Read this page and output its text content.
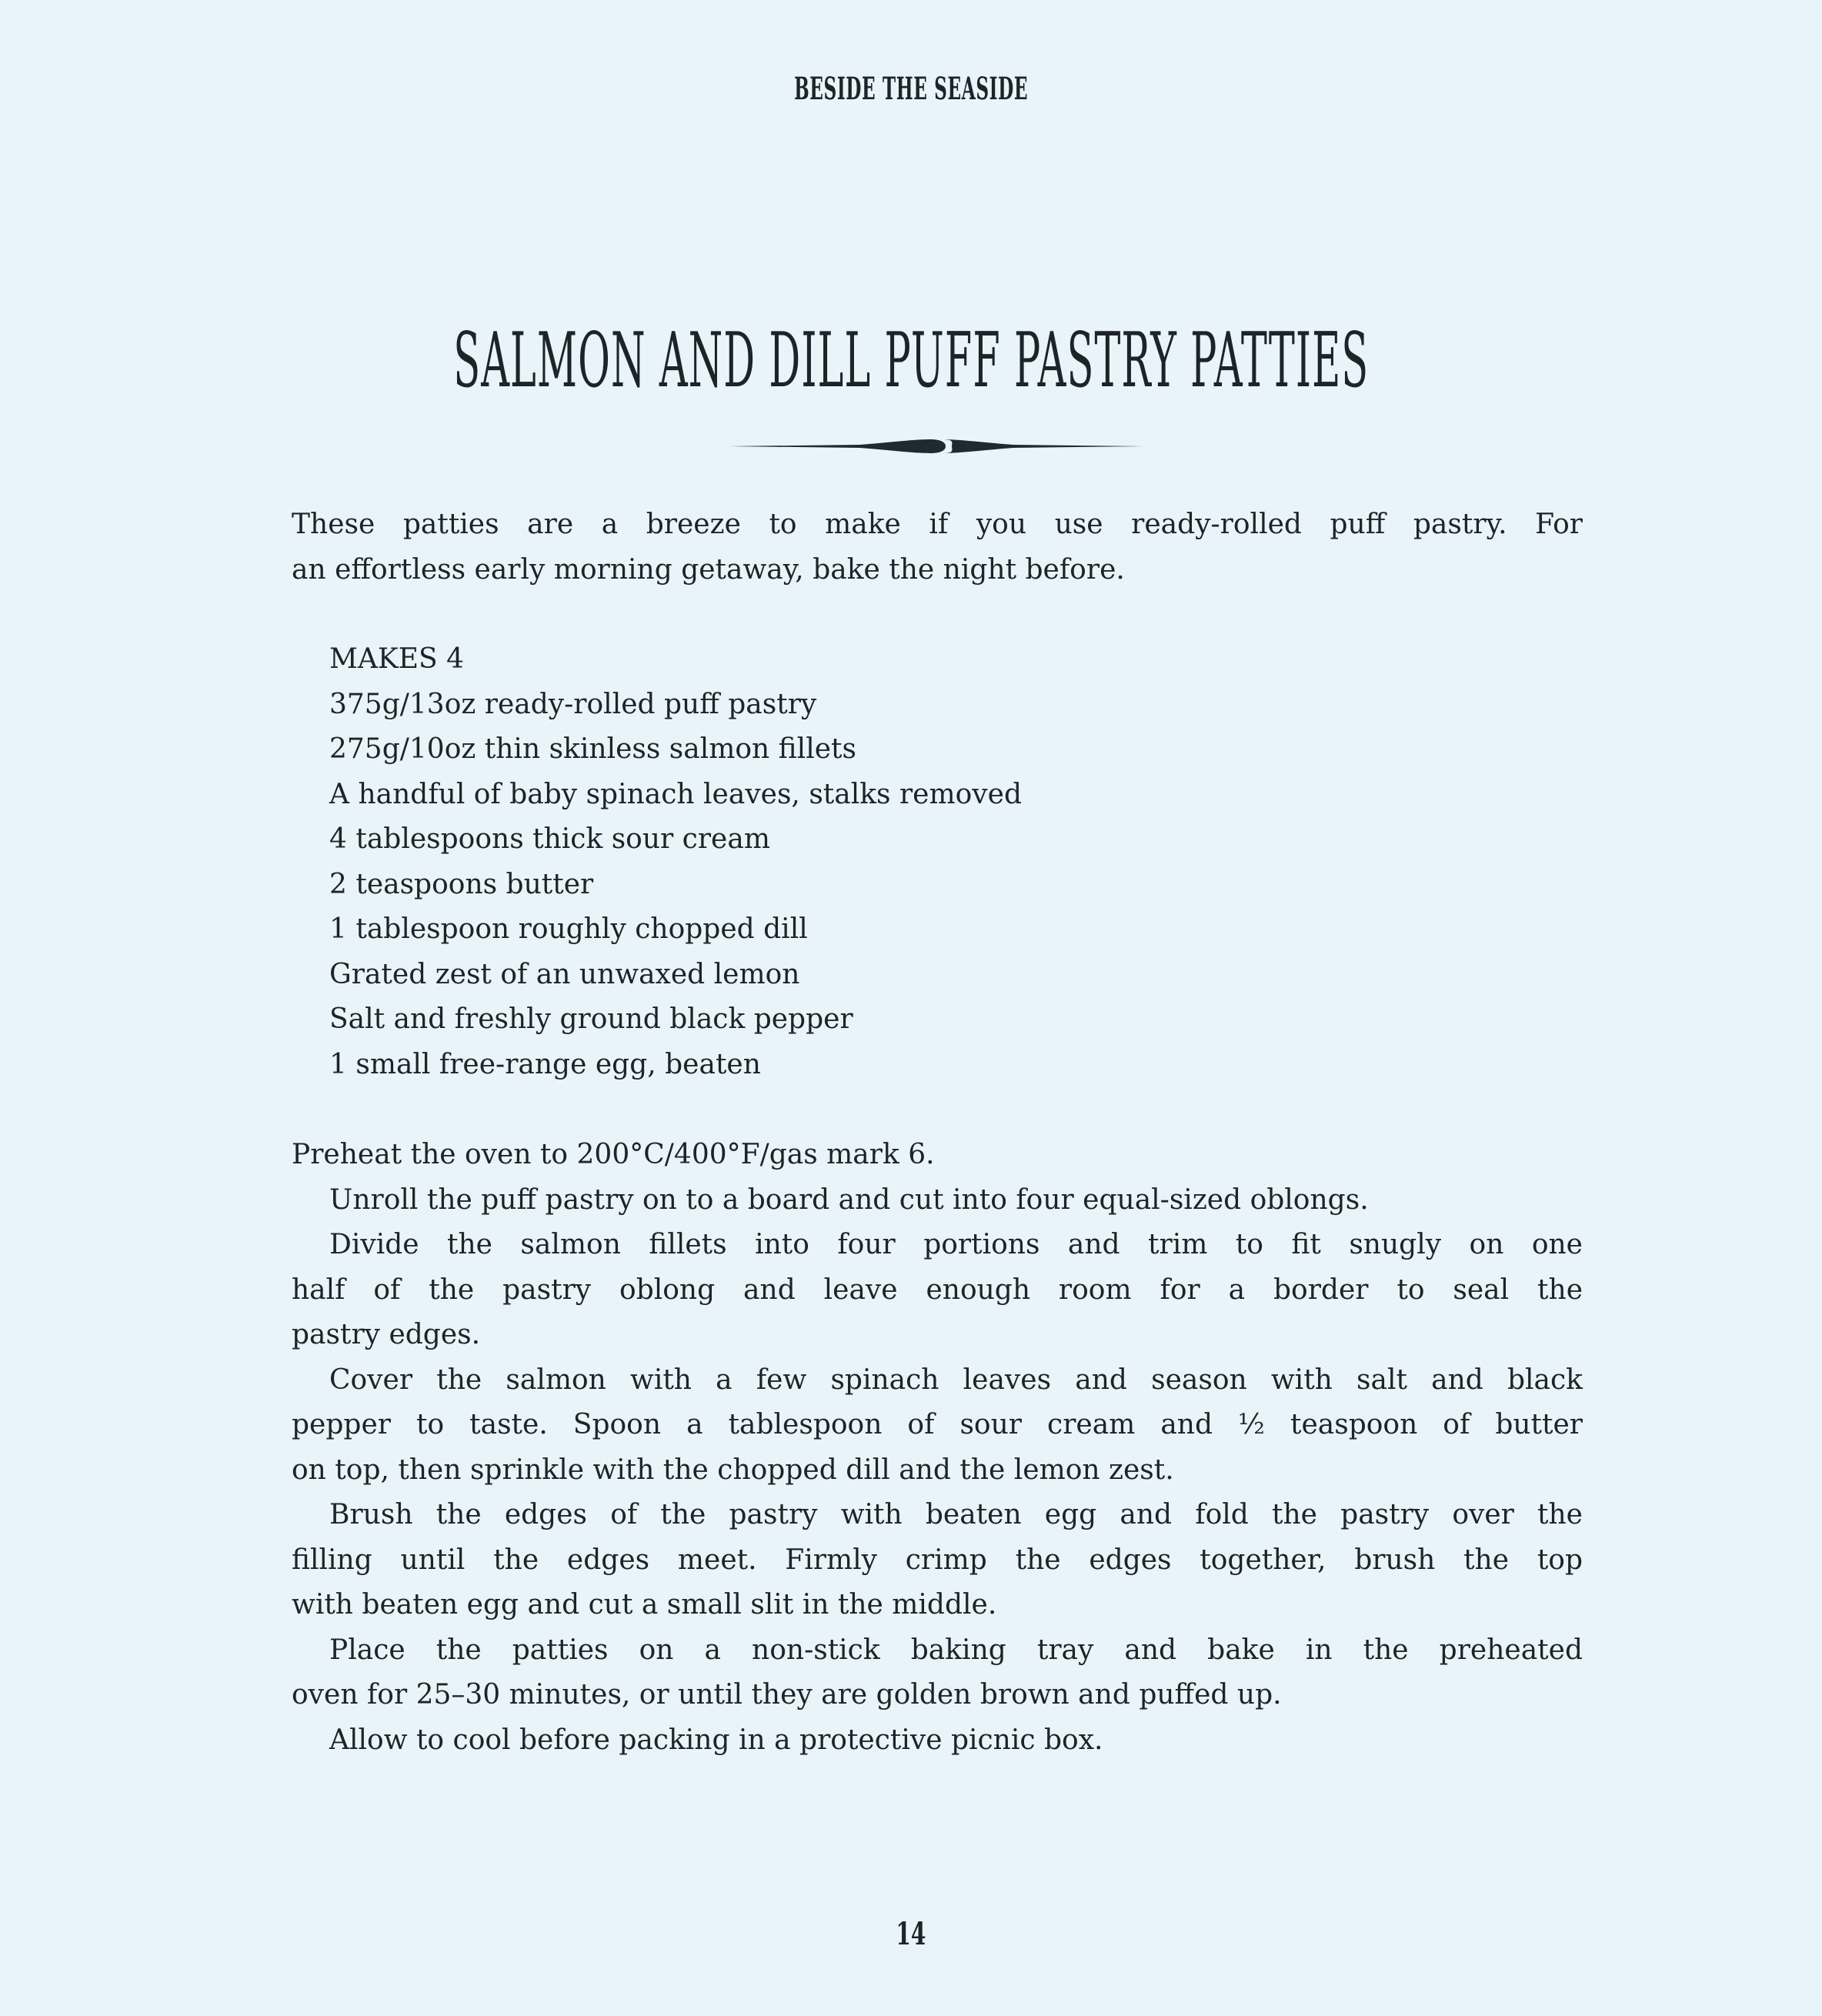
BESIDE THE SEASIDE
SALMON AND DILL PUFF PASTRY PATTIES
These patties are a breeze to make if you use ready-rolled puff pastry. For
an effortless early morning getaway, bake the night before.
MAKES 4
375g/13oz ready-rolled puff pastry
275g/10oz thin skinless salmon fillets
A handful of baby spinach leaves, stalks removed
4 tablespoons thick sour cream
2 teaspoons butter
1 tablespoon roughly chopped dill
Grated zest of an unwaxed lemon
Salt and freshly ground black pepper
1 small free-range egg, beaten
Preheat the oven to 200°C/400°F/gas mark 6.
Unroll the puff pastry on to a board and cut into four equal-sized oblongs.
Divide the salmon fillets into four portions and trim to fit snugly on one
half of the pastry oblong and leave enough room for a border to seal the
pastry edges.
Cover the salmon with a few spinach leaves and season with salt and black
pepper to taste. Spoon a tablespoon of sour cream and ½ teaspoon of butter
on top, then sprinkle with the chopped dill and the lemon zest.
Brush the edges of the pastry with beaten egg and fold the pastry over the
filling until the edges meet. Firmly crimp the edges together, brush the top
with beaten egg and cut a small slit in the middle.
Place the patties on a non-stick baking tray and bake in the preheated
oven for 25–30 minutes, or until they are golden brown and puffed up.
Allow to cool before packing in a protective picnic box.
14
